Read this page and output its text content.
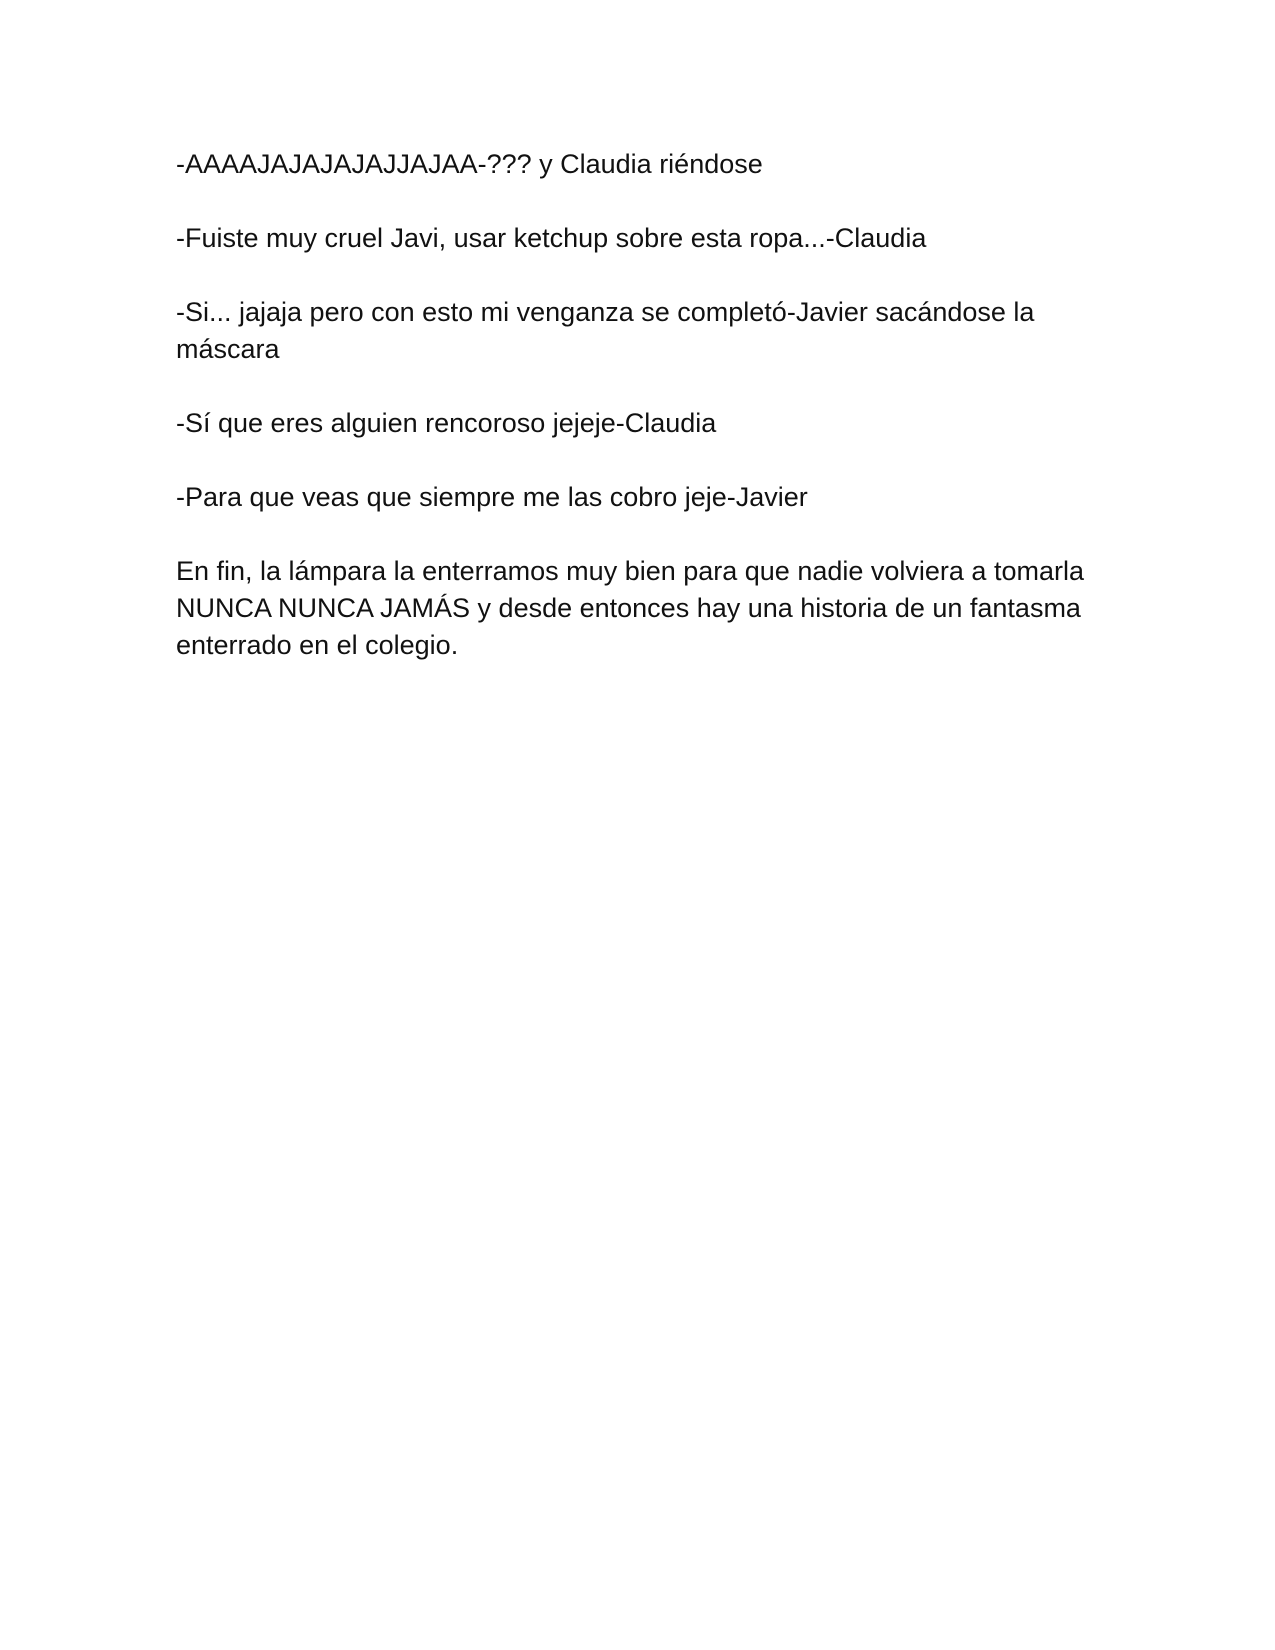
-AAAAJAJAJAJAJJAJAA-??? y Claudia riéndose

-Fuiste muy cruel Javi, usar ketchup sobre esta ropa...-Claudia

-Si... jajaja pero con esto mi venganza se completó-Javier sacándose la máscara

-Sí que eres alguien rencoroso jejeje-Claudia

-Para que veas que siempre me las cobro jeje-Javier

En fin, la lámpara la enterramos muy bien para que nadie volviera a tomarla NUNCA NUNCA JAMÁS y desde entonces hay una historia de un fantasma enterrado en el colegio.
